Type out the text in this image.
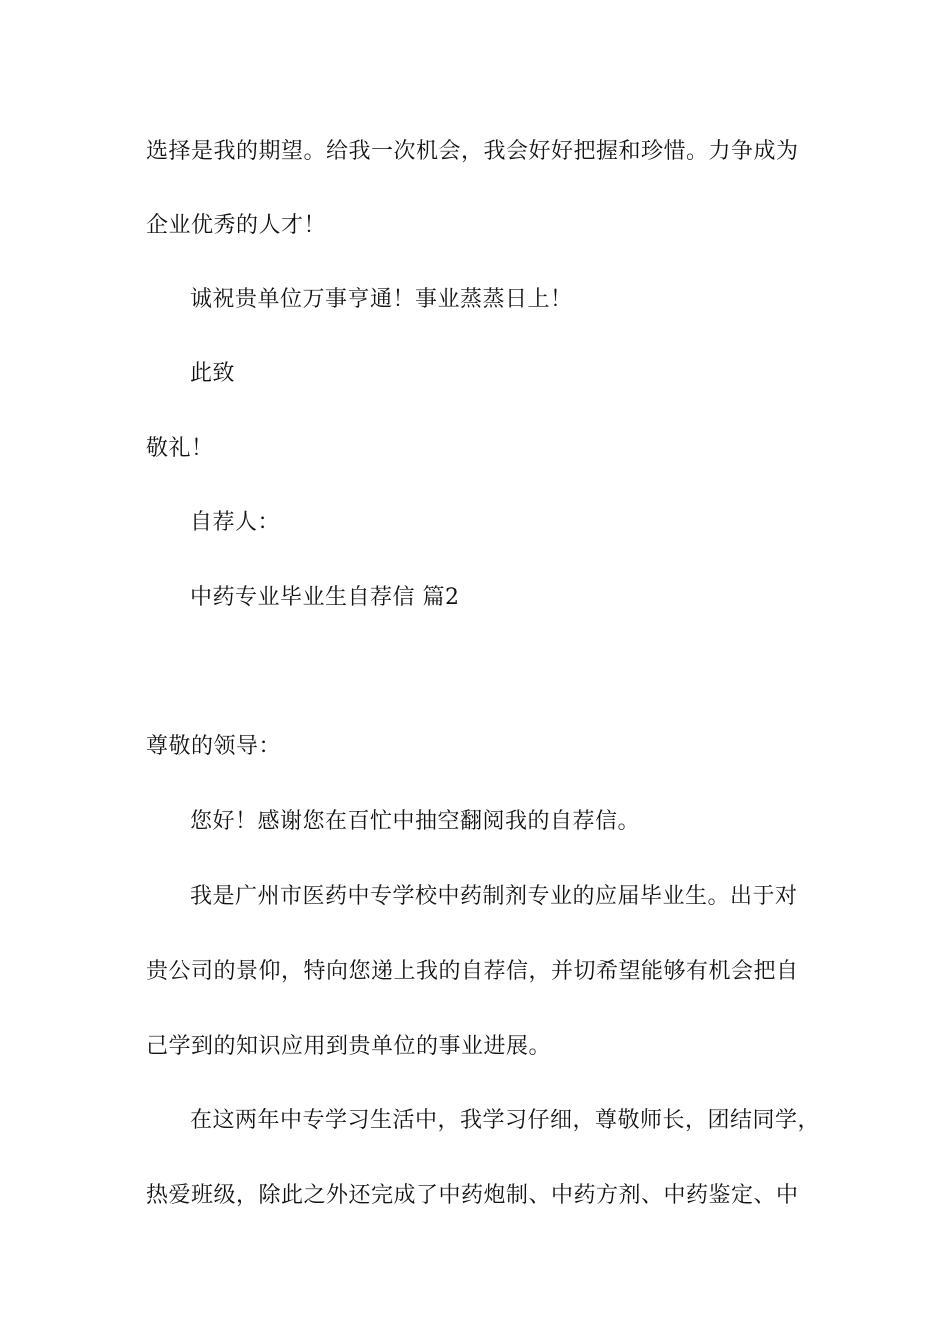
选择是我的期望。给我一次机会，我会好好把握和珍惜。力争成为
企业优秀的人才！
诚祝贵单位万事亨通！事业蒸蒸日上！
此致
敬礼！
自荐人：
中药专业毕业生自荐信 篇2
尊敬的领导：
您好！感谢您在百忙中抽空翻阅我的自荐信。
我是广州市医药中专学校中药制剂专业的应届毕业生。出于对
贵公司的景仰，特向您递上我的自荐信，并切希望能够有机会把自
己学到的知识应用到贵单位的事业进展。
在这两年中专学习生活中，我学习仔细，尊敬师长，团结同学，
热爱班级，除此之外还完成了中药炮制、中药方剂、中药鉴定、中
